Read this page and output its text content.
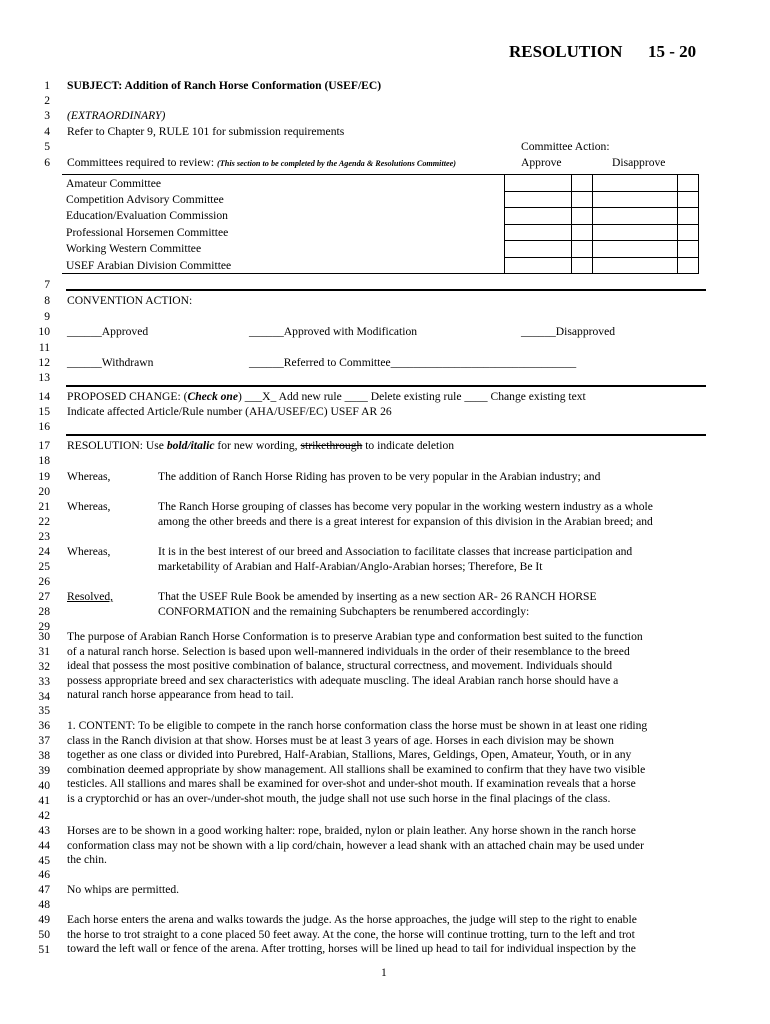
RESOLUTION 15 - 20
1
2
3
4
5
6
7
8
9
10
11
12
13
14
15
16
17
18
19
20
21
22
23
24
25
26
27
28
29
30
31
32
33
34
35
36
37
38
39
40
41
42
43
44
45
46
47
48
49
50
51
SUBJECT: Addition of Ranch Horse Conformation (USEF/EC)
(EXTRAORDINARY)
Refer to Chapter 9, RULE 101 for submission requirements
Committee Action:
Committees required to review: (This section to be completed by the Agenda & Resolutions Committee)	Approve	Disapprove
Amateur Committee				
Competition Advisory Committee				
Education/Evaluation Commission				
Professional Horsemen Committee				
Working Western Committee				
USEF Arabian Division Committee				
CONVENTION ACTION:
______Approved	______Approved with Modification	______Disapproved
______Withdrawn	______Referred to Committee________________________________
PROPOSED CHANGE: (Check one) ___X_ Add new rule ____ Delete existing rule ____ Change existing text
Indicate affected Article/Rule number (AHA/USEF/EC) USEF AR 26
RESOLUTION: Use bold/italic for new wording, strikethrough to indicate deletion
Whereas,	The addition of Ranch Horse Riding has proven to be very popular in the Arabian industry; and
Whereas,	The Ranch Horse grouping of classes has become very popular in the working western industry as a whole
among the other breeds and there is a great interest for expansion of this division in the Arabian breed; and
Whereas,	It is in the best interest of our breed and Association to facilitate classes that increase participation and
marketability of Arabian and Half-Arabian/Anglo-Arabian horses; Therefore, Be It
Resolved,	That the USEF Rule Book be amended by inserting as a new section AR- 26 RANCH HORSE
CONFORMATION and the remaining Subchapters be renumbered accordingly:
The purpose of Arabian Ranch Horse Conformation is to preserve Arabian type and conformation best suited to the function
of a natural ranch horse. Selection is based upon well-mannered individuals in the order of their resemblance to the breed
ideal that possess the most positive combination of balance, structural correctness, and movement. Individuals should
possess appropriate breed and sex characteristics with adequate muscling. The ideal Arabian ranch horse should have a
natural ranch horse appearance from head to tail.
1. CONTENT: To be eligible to compete in the ranch horse conformation class the horse must be shown in at least one riding
class in the Ranch division at that show. Horses must be at least 3 years of age. Horses in each division may be shown
together as one class or divided into Purebred, Half-Arabian, Stallions, Mares, Geldings, Open, Amateur, Youth, or in any
combination deemed appropriate by show management. All stallions shall be examined to confirm that they have two visible
testicles. All stallions and mares shall be examined for over-shot and under-shot mouth. If examination reveals that a horse
is a cryptorchid or has an over-/under-shot mouth, the judge shall not use such horse in the final placings of the class.
Horses are to be shown in a good working halter: rope, braided, nylon or plain leather. Any horse shown in the ranch horse
conformation class may not be shown with a lip cord/chain, however a lead shank with an attached chain may be used under
the chin.
No whips are permitted.
Each horse enters the arena and walks towards the judge. As the horse approaches, the judge will step to the right to enable
the horse to trot straight to a cone placed 50 feet away. At the cone, the horse will continue trotting, turn to the left and trot
toward the left wall or fence of the arena. After trotting, horses will be lined up head to tail for individual inspection by the
1
